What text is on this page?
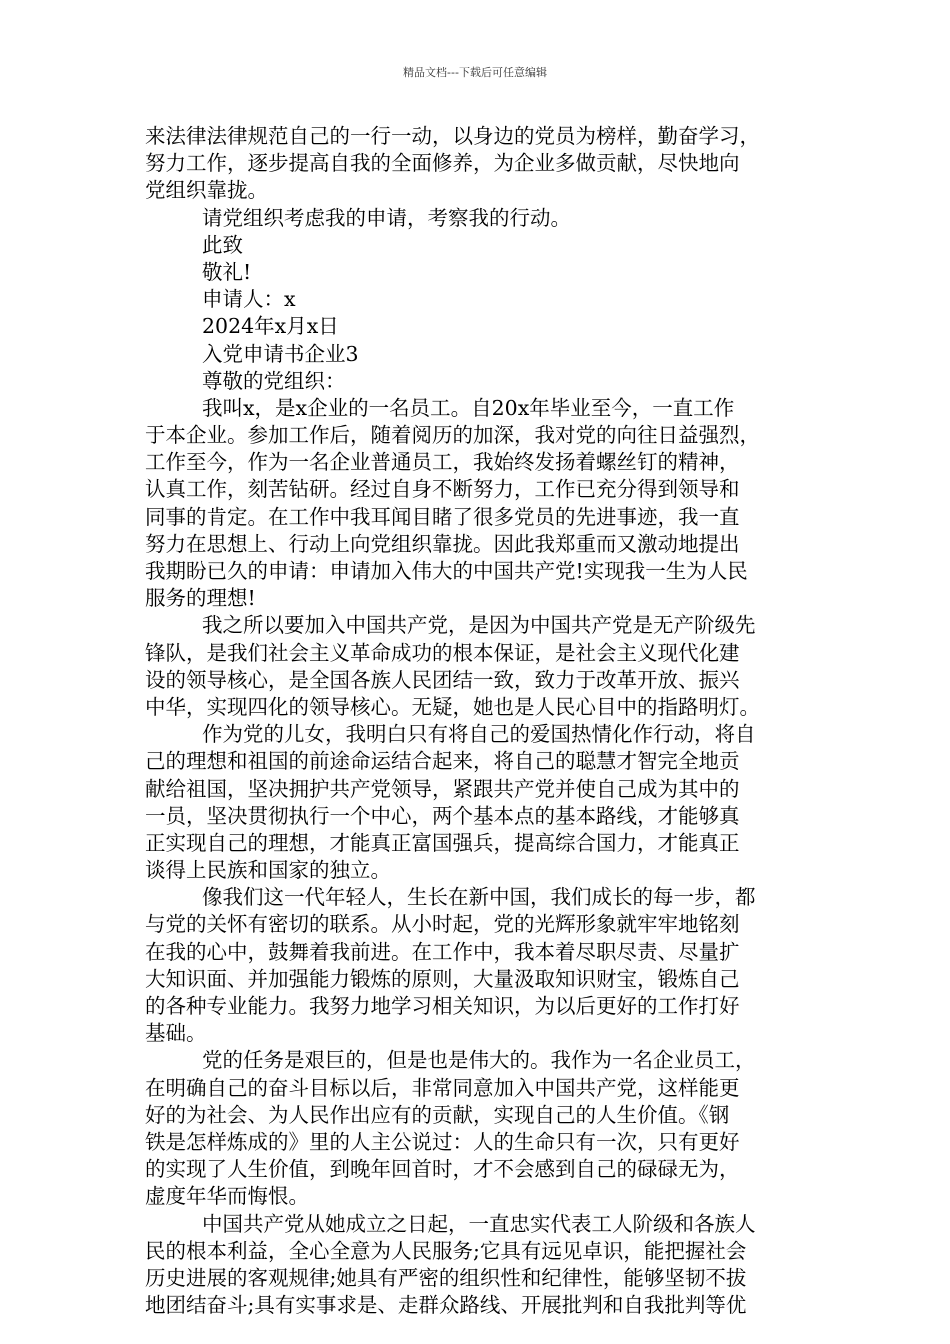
精品文档---下载后可任意编辑
来法律法律规范自己的一行一动，以身边的党员为榜样，勤奋学习，
努力工作，逐步提高自我的全面修养，为企业多做贡献，尽快地向
党组织靠拢。
请党组织考虑我的申请，考察我的行动。
此致
敬礼!
申请人：x
2024年x月x日
入党申请书企业3
尊敬的党组织：
我叫x，是x企业的一名员工。自20x年毕业至今，一直工作
于本企业。参加工作后，随着阅历的加深，我对党的向往日益强烈，
工作至今，作为一名企业普通员工，我始终发扬着螺丝钉的精神，
认真工作，刻苦钻研。经过自身不断努力，工作已充分得到领导和
同事的肯定。在工作中我耳闻目睹了很多党员的先进事迹，我一直
努力在思想上、行动上向党组织靠拢。因此我郑重而又激动地提出
我期盼已久的申请：申请加入伟大的中国共产党!实现我一生为人民
服务的理想!
我之所以要加入中国共产党，是因为中国共产党是无产阶级先
锋队，是我们社会主义革命成功的根本保证，是社会主义现代化建
设的领导核心，是全国各族人民团结一致，致力于改革开放、振兴
中华，实现四化的领导核心。无疑，她也是人民心目中的指路明灯。
作为党的儿女，我明白只有将自己的爱国热情化作行动，将自
己的理想和祖国的前途命运结合起来，将自己的聪慧才智完全地贡
献给祖国，坚决拥护共产党领导，紧跟共产党并使自己成为其中的
一员，坚决贯彻执行一个中心，两个基本点的基本路线，才能够真
正实现自己的理想，才能真正富国强兵，提高综合国力，才能真正
谈得上民族和国家的独立。
像我们这一代年轻人，生长在新中国，我们成长的每一步，都
与党的关怀有密切的联系。从小时起，党的光辉形象就牢牢地铭刻
在我的心中，鼓舞着我前进。在工作中，我本着尽职尽责、尽量扩
大知识面、并加强能力锻炼的原则，大量汲取知识财宝，锻炼自己
的各种专业能力。我努力地学习相关知识，为以后更好的工作打好
基础。
党的任务是艰巨的，但是也是伟大的。我作为一名企业员工，
在明确自己的奋斗目标以后，非常同意加入中国共产党，这样能更
好的为社会、为人民作出应有的贡献，实现自己的人生价值。《钢
铁是怎样炼成的》里的人主公说过：人的生命只有一次，只有更好
的实现了人生价值，到晚年回首时，才不会感到自己的碌碌无为，
虚度年华而悔恨。
中国共产党从她成立之日起，一直忠实代表工人阶级和各族人
民的根本利益，全心全意为人民服务;它具有远见卓识，能把握社会
历史进展的客观规律;她具有严密的组织性和纪律性，能够坚韧不拔
地团结奋斗;具有实事求是、走群众路线、开展批判和自我批判等优
